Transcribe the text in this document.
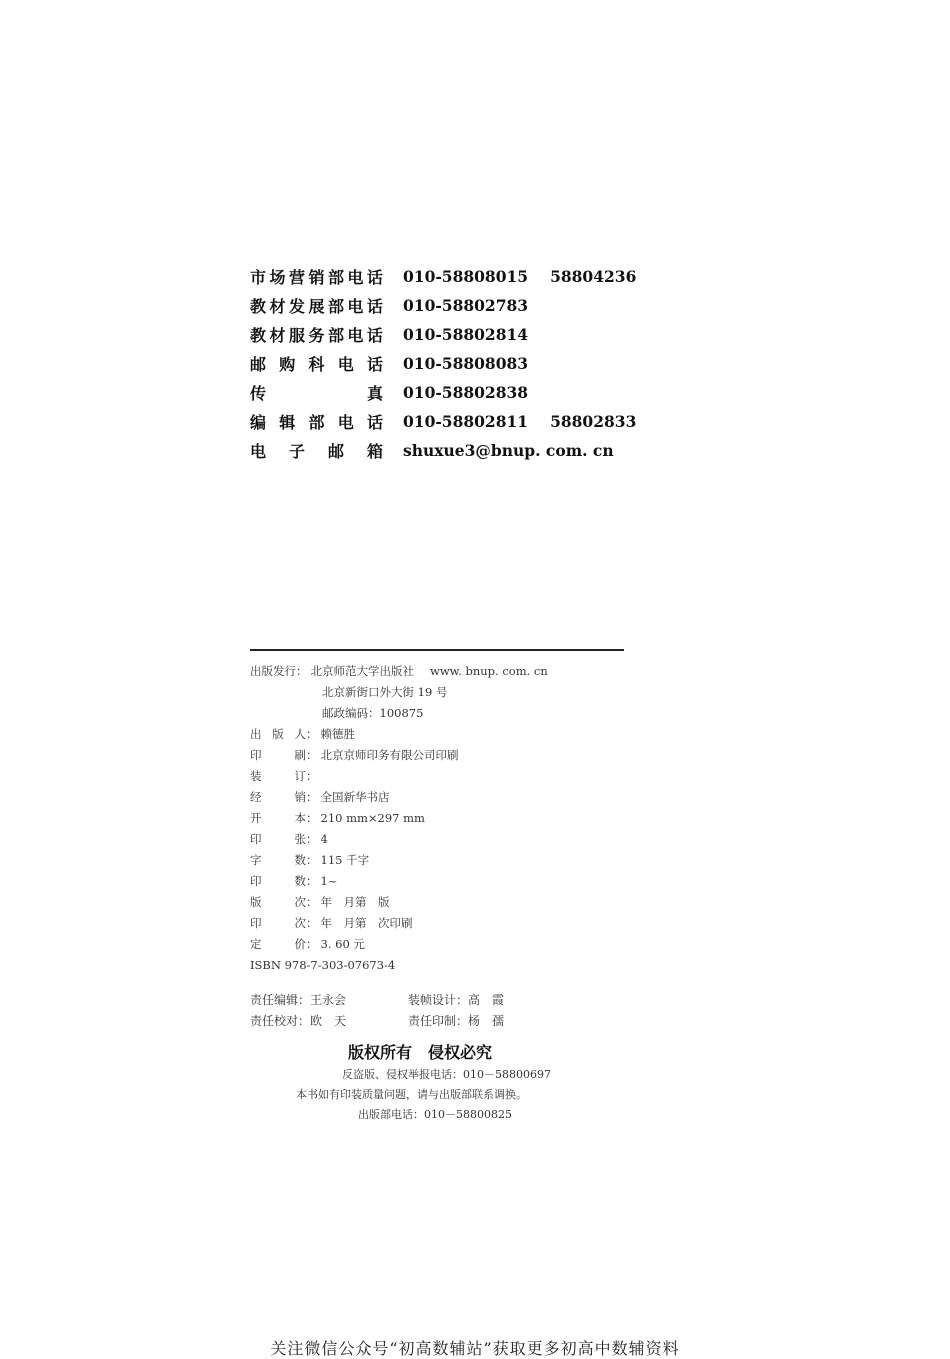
市 场 营 销 部 电 话 010-58808015 58804236
教 材 发 展 部 电 话 010-58802783
教 材 服 务 部 电 话 010-58802814
邮 购 科 电 话 010-58808083
传	真 010-58802838
编 辑 部 电 话 010-58802811 58802833
电 子 邮 箱 shuxue3@bnup. com. cn
出版发行 ： 北京师范大学出版社 www. bnup. com. cn
北京新街口外大街 19 号
邮政编码：100875
出 版 人 ： 赖德胜
印	刷 ： 北京京师印务有限公司印刷
装	订 ：
经	销 ： 全国新华书店
开	本 ： 210 mm×297 mm
印	张 ： 4
字	数 ： 115 千字
印	数 ： 1~
版	次 ： 年　月第　版
印	次 ： 年　月第　次印刷
定	价 ： 3. 60 元
ISBN 978-7-303-07673-4
责任编辑：王永会	装帧设计：高　霞
责任校对：欧　天	责任印制：杨　孺
版权所有　侵权必究
反盗版、侵权举报电话：010－58800697
本书如有印装质量问题，请与出版部联系调换。
出版部电话：010－58800825
关注微信公众号“初高数辅站”获取更多初高中数辅资料
